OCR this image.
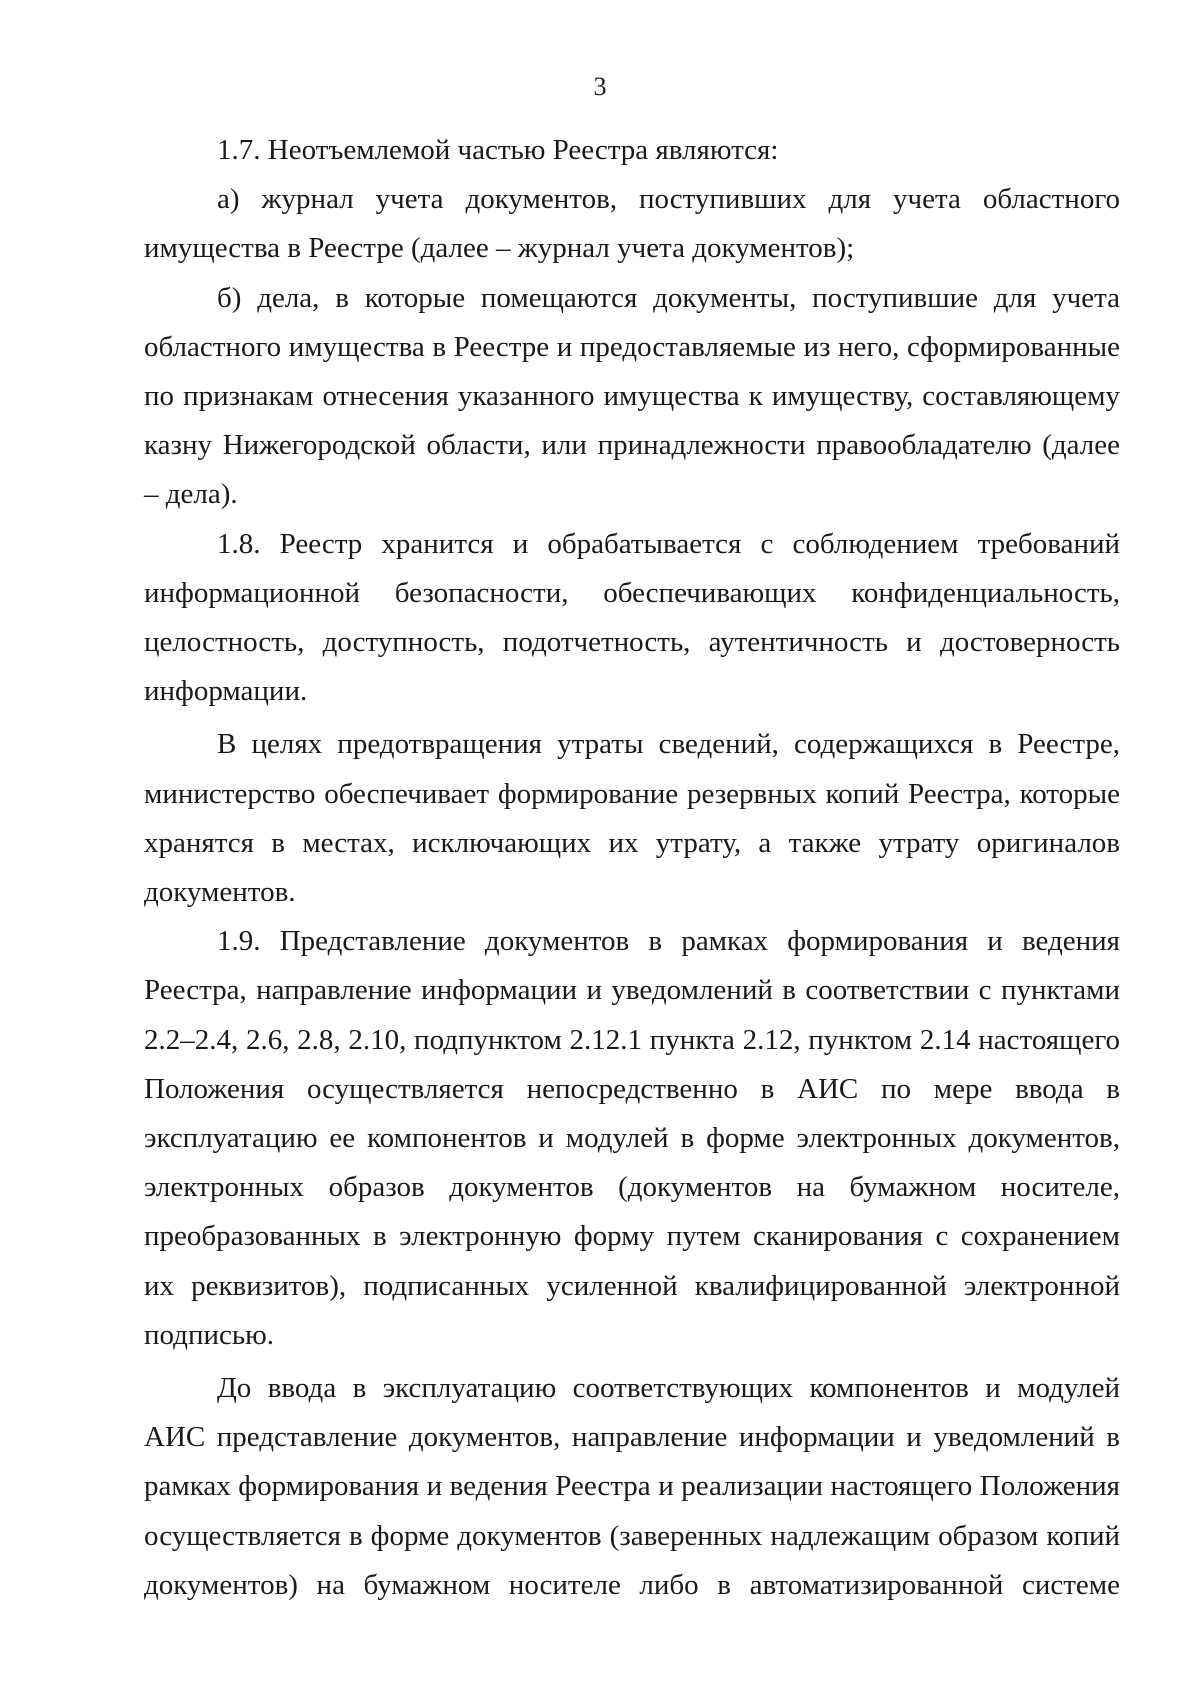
3

1.7. Неотъемлемой частью Реестра являются:

а) журнал учета документов, поступивших для учета областного имущества в Реестре (далее – журнал учета документов);

б) дела, в которые помещаются документы, поступившие для учета областного имущества в Реестре и предоставляемые из него, сформированные по признакам отнесения указанного имущества к имуществу, составляющему казну Нижегородской области, или принадлежности правообладателю (далее – дела).

1.8. Реестр хранится и обрабатывается с соблюдением требований информационной безопасности, обеспечивающих конфиденциальность, целостность, доступность, подотчетность, аутентичность и достоверность информации.

В целях предотвращения утраты сведений, содержащихся в Реестре, министерство обеспечивает формирование резервных копий Реестра, которые хранятся в местах, исключающих их утрату, а также утрату оригиналов документов.

1.9. Представление документов в рамках формирования и ведения Реестра, направление информации и уведомлений в соответствии с пунктами 2.2–2.4, 2.6, 2.8, 2.10, подпунктом 2.12.1 пункта 2.12, пунктом 2.14 настоящего Положения осуществляется непосредственно в АИС по мере ввода в эксплуатацию ее компонентов и модулей в форме электронных документов, электронных образов документов (документов на бумажном носителе, преобразованных в электронную форму путем сканирования с сохранением их реквизитов), подписанных усиленной квалифицированной электронной подписью.

До ввода в эксплуатацию соответствующих компонентов и модулей АИС представление документов, направление информации и уведомлений в рамках формирования и ведения Реестра и реализации настоящего Положения осуществляется в форме документов (заверенных надлежащим образом копий документов) на бумажном носителе либо в автоматизированной системе
